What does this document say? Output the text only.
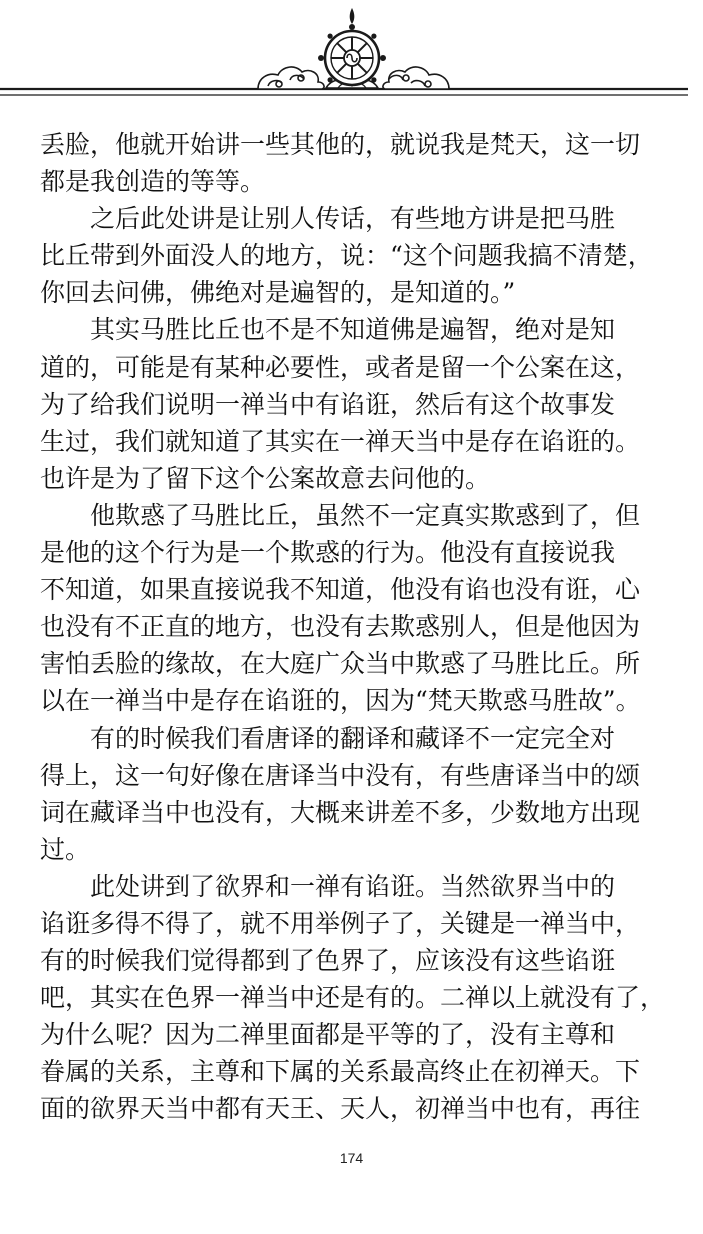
丢脸，他就开始讲一些其他的，就说我是梵天，这一切
都是我创造的等等。
之后此处讲是让别人传话，有些地方讲是把马胜
比丘带到外面没人的地方，说：“这个问题我搞不清楚，
你回去问佛，佛绝对是遍智的，是知道的。”
其实马胜比丘也不是不知道佛是遍智，绝对是知
道的，可能是有某种必要性，或者是留一个公案在这，
为了给我们说明一禅当中有谄诳，然后有这个故事发
生过，我们就知道了其实在一禅天当中是存在谄诳的。
也许是为了留下这个公案故意去问他的。
他欺惑了马胜比丘，虽然不一定真实欺惑到了，但
是他的这个行为是一个欺惑的行为。他没有直接说我
不知道，如果直接说我不知道，他没有谄也没有诳，心
也没有不正直的地方，也没有去欺惑别人，但是他因为
害怕丢脸的缘故，在大庭广众当中欺惑了马胜比丘。所
以在一禅当中是存在谄诳的，因为“梵天欺惑马胜故”。
有的时候我们看唐译的翻译和藏译不一定完全对
得上，这一句好像在唐译当中没有，有些唐译当中的颂
词在藏译当中也没有，大概来讲差不多，少数地方出现
过。
此处讲到了欲界和一禅有谄诳。当然欲界当中的
谄诳多得不得了，就不用举例子了，关键是一禅当中，
有的时候我们觉得都到了色界了，应该没有这些谄诳
吧，其实在色界一禅当中还是有的。二禅以上就没有了，
为什么呢？因为二禅里面都是平等的了，没有主尊和
眷属的关系，主尊和下属的关系最高终止在初禅天。下
面的欲界天当中都有天王、天人，初禅当中也有，再往
174
